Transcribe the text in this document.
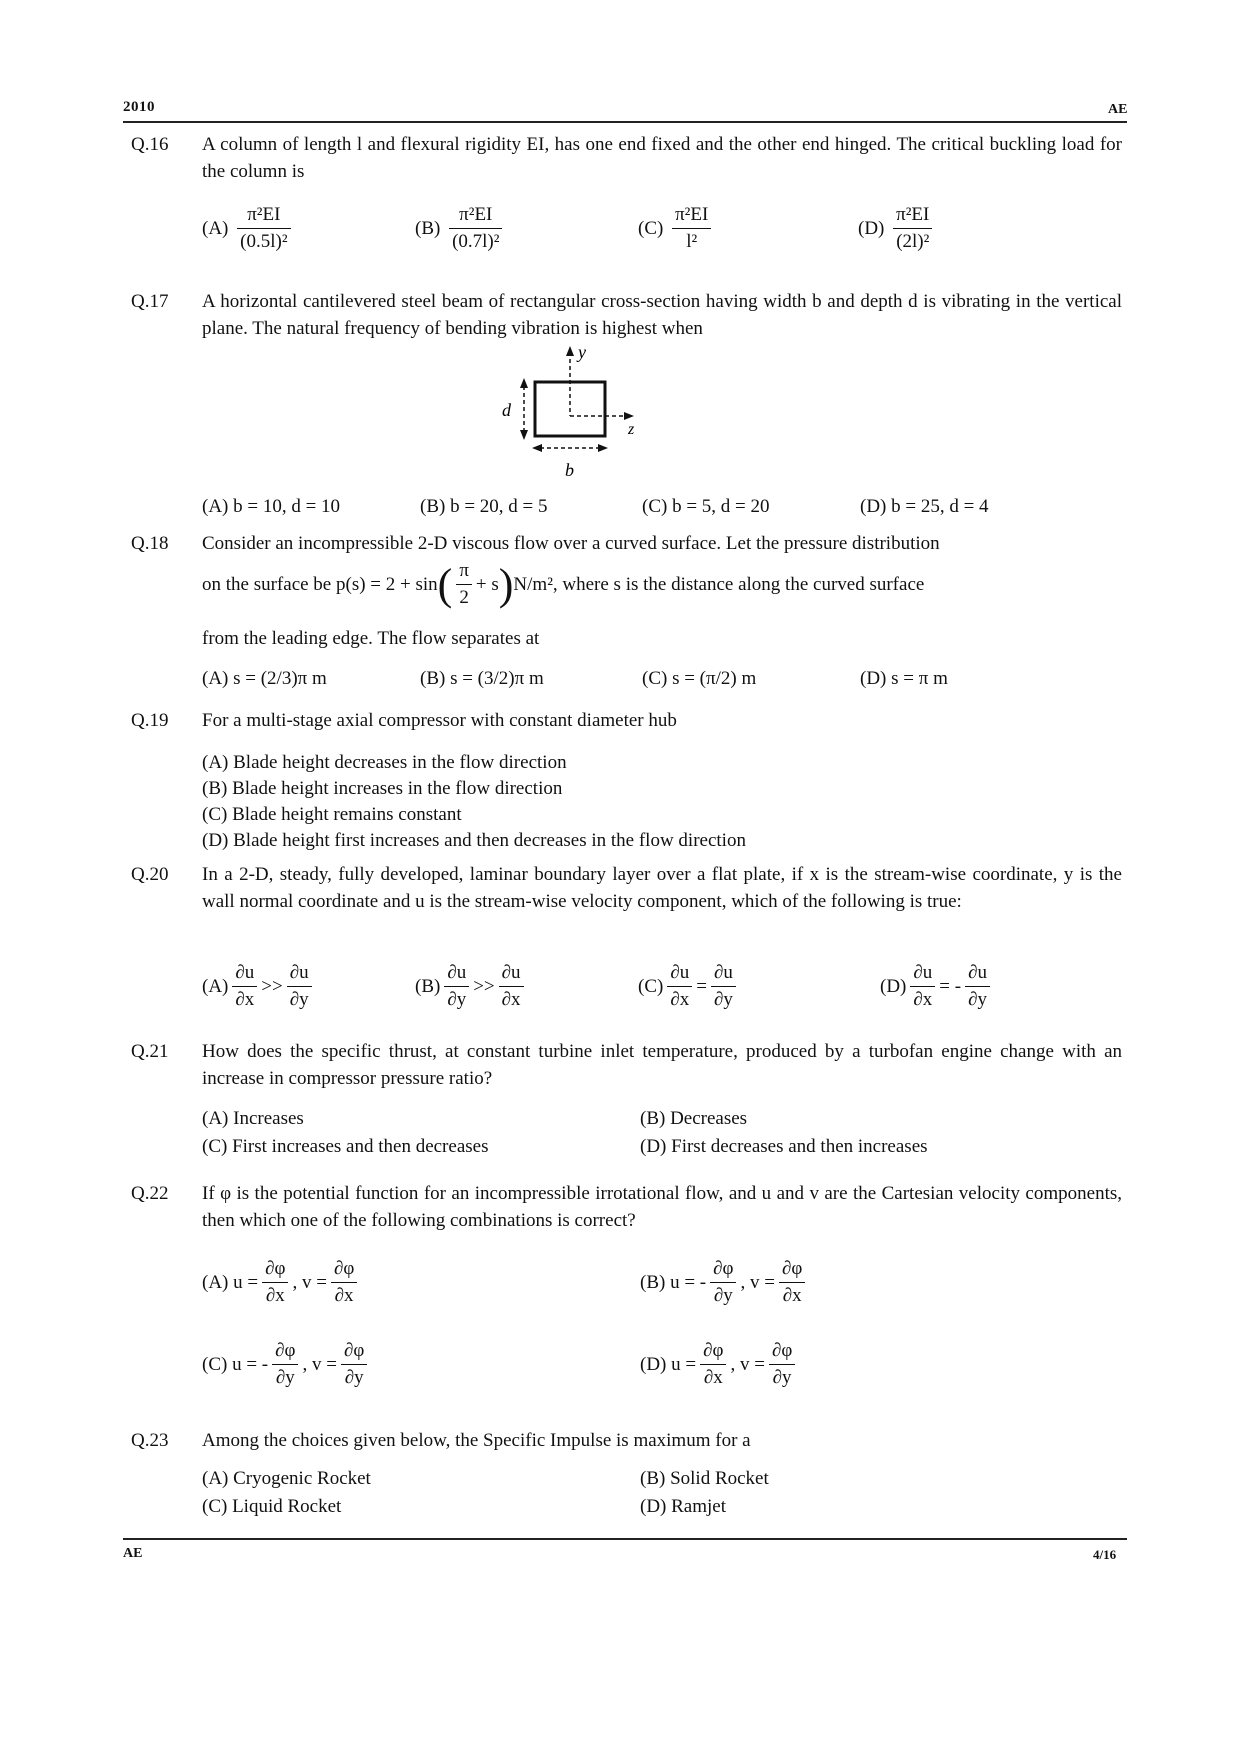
2010	AE
Q.16 A column of length l and flexural rigidity EI, has one end fixed and the other end hinged. The critical buckling load for the column is
$(A) \frac{\text{π²EI}}{\text{(0.5l)²}}$	$(B) \frac{\text{π²EI}}{\text{(0.7l)²}}$	$(C) \frac{\text{π²EI}}{\text{l²}}$	$(D) \frac{\text{π²EI}}{\text{(2l)²}}$
Q.17 A horizontal cantilevered steel beam of rectangular cross-section having width b and depth d is vibrating in the vertical plane. The natural frequency of bending vibration is highest when
y
z
d
b
(A) b = 10, d = 10	(B) b = 20, d = 5	(C) b = 5, d = 20	(D) b = 25, d = 4
Q.18 Consider an incompressible 2-D viscous flow over a curved surface. Let the pressure distribution
on the surface be $p(s) = 2 + \sin( \frac{\pi}{2} + s)N/m^2$, where s is the distance along the curved surface
from the leading edge. The flow separates at
(A) s = (2/3)π m	(B) s = (3/2)π m	(C) s = (π/2) m	(D) s = π m
Q.19 For a multi-stage axial compressor with constant diameter hub
(A) Blade height decreases in the flow direction
(B) Blade height increases in the flow direction
(C) Blade height remains constant
(D) Blade height first increases and then decreases in the flow direction
Q.20 In a 2-D, steady, fully developed, laminar boundary layer over a flat plate, if x is the stream-wise coordinate, y is the wall normal coordinate and u is the stream-wise velocity component, which of the following is true:
$(A) \frac{\partial u}{\partial x} >> \frac{\partial u}{\partial y}$	$(B) \frac{\partial u}{\partial y} >> \frac{\partial u}{\partial x}$	$(C) \frac{\partial u}{\partial x} = \frac{\partial u}{\partial y}$	$(D) \frac{\partial u}{\partial x}$ = - $\frac{\partial u}{\partial y}$
Q.21 How does the specific thrust, at constant turbine inlet temperature, produced by a turbofan engine change with an increase in compressor pressure ratio?
(A) Increases	(B) Decreases
(C) First increases and then decreases	(D) First decreases and then increases
Q.22 If φ is the potential function for an incompressible irrotational flow, and u and v are the Cartesian velocity components, then which one of the following combinations is correct?
(A) $u = \frac{\partial\varphi}{\partial x}$ , $v = \frac{\partial\varphi}{\partial x}$	(B) u = - $\frac{\partial\varphi}{\partial y}$ , $v = \frac{\partial\varphi}{\partial x}$
(C) u = - $\frac{\partial\varphi}{\partial y}$ , $v = \frac{\partial\varphi}{\partial y}$	(D) $u = \frac{\partial\varphi}{\partial x}$ , $v = \frac{\partial\varphi}{\partial y}$
Q.23 Among the choices given below, the Specific Impulse is maximum for a
(A) Cryogenic Rocket	(B) Solid Rocket
(C) Liquid Rocket	(D) Ramjet
AE	4/16
